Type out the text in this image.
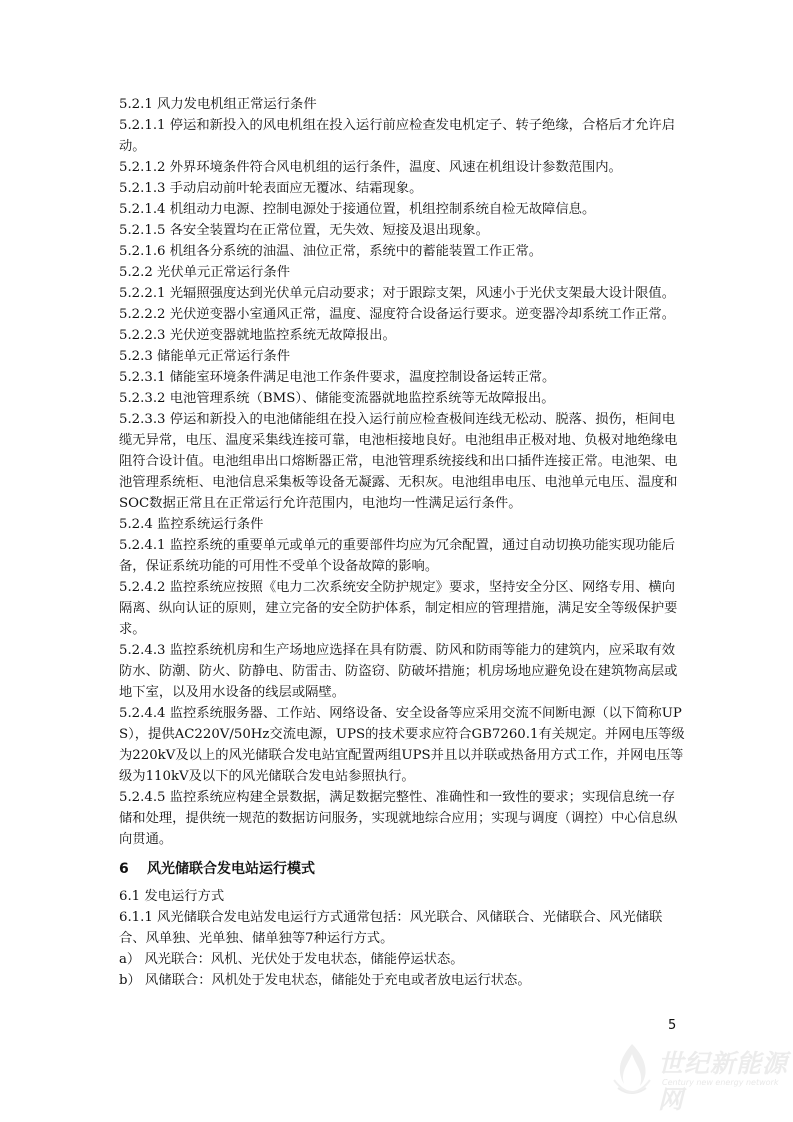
5.2.1 风力发电机组正常运行条件

5.2.1.1 停运和新投入的风电机组在投入运行前应检查发电机定子、转子绝缘，合格后才允许启动。

5.2.1.2 外界环境条件符合风电机组的运行条件，温度、风速在机组设计参数范围内。

5.2.1.3 手动启动前叶轮表面应无覆冰、结霜现象。

5.2.1.4 机组动力电源、控制电源处于接通位置，机组控制系统自检无故障信息。

5.2.1.5 各安全装置均在正常位置，无失效、短接及退出现象。

5.2.1.6 机组各分系统的油温、油位正常，系统中的蓄能装置工作正常。

5.2.2 光伏单元正常运行条件

5.2.2.1 光辐照强度达到光伏单元启动要求；对于跟踪支架，风速小于光伏支架最大设计限值。

5.2.2.2 光伏逆变器小室通风正常，温度、湿度符合设备运行要求。逆变器冷却系统工作正常。

5.2.2.3 光伏逆变器就地监控系统无故障报出。

5.2.3 储能单元正常运行条件

5.2.3.1 储能室环境条件满足电池工作条件要求，温度控制设备运转正常。

5.2.3.2 电池管理系统（BMS）、储能变流器就地监控系统等无故障报出。

5.2.3.3 停运和新投入的电池储能组在投入运行前应检查极间连线无松动、脱落、损伤，柜间电缆无异常，电压、温度采集线连接可靠，电池柜接地良好。电池组串正极对地、负极对地绝缘电阻符合设计值。电池组串出口熔断器正常，电池管理系统接线和出口插件连接正常。电池架、电池管理系统柜、电池信息采集板等设备无凝露、无积灰。电池组串电压、电池单元电压、温度和SOC数据正常且在正常运行允许范围内，电池均一性满足运行条件。

5.2.4 监控系统运行条件

5.2.4.1 监控系统的重要单元或单元的重要部件均应为冗余配置，通过自动切换功能实现功能后备，保证系统功能的可用性不受单个设备故障的影响。

5.2.4.2 监控系统应按照《电力二次系统安全防护规定》要求，坚持安全分区、网络专用、横向隔离、纵向认证的原则，建立完备的安全防护体系，制定相应的管理措施，满足安全等级保护要求。

5.2.4.3 监控系统机房和生产场地应选择在具有防震、防风和防雨等能力的建筑内，应采取有效防水、防潮、防火、防静电、防雷击、防盗窃、防破坏措施；机房场地应避免设在建筑物高层或地下室，以及用水设备的线层或隔壁。

5.2.4.4 监控系统服务器、工作站、网络设备、安全设备等应采用交流不间断电源（以下简称UPS），提供AC220V/50Hz交流电源，UPS的技术要求应符合GB7260.1有关规定。并网电压等级为220kV及以上的风光储联合发电站宜配置两组UPS并且以并联或热备用方式工作，并网电压等级为110kV及以下的风光储联合发电站参照执行。

5.2.4.5 监控系统应构建全景数据，满足数据完整性、准确性和一致性的要求；实现信息统一存储和处理，提供统一规范的数据访问服务，实现就地综合应用；实现与调度（调控）中心信息纵向贯通。

6 风光储联合发电站运行模式

6.1 发电运行方式

6.1.1 风光储联合发电站发电运行方式通常包括：风光联合、风储联合、光储联合、风光储联合、风单独、光单独、储单独等7种运行方式。

a） 风光联合：风机、光伏处于发电状态，储能停运状态。

b） 风储联合：风机处于发电状态，储能处于充电或者放电运行状态。

5
世纪新能源网
Century new energy network
